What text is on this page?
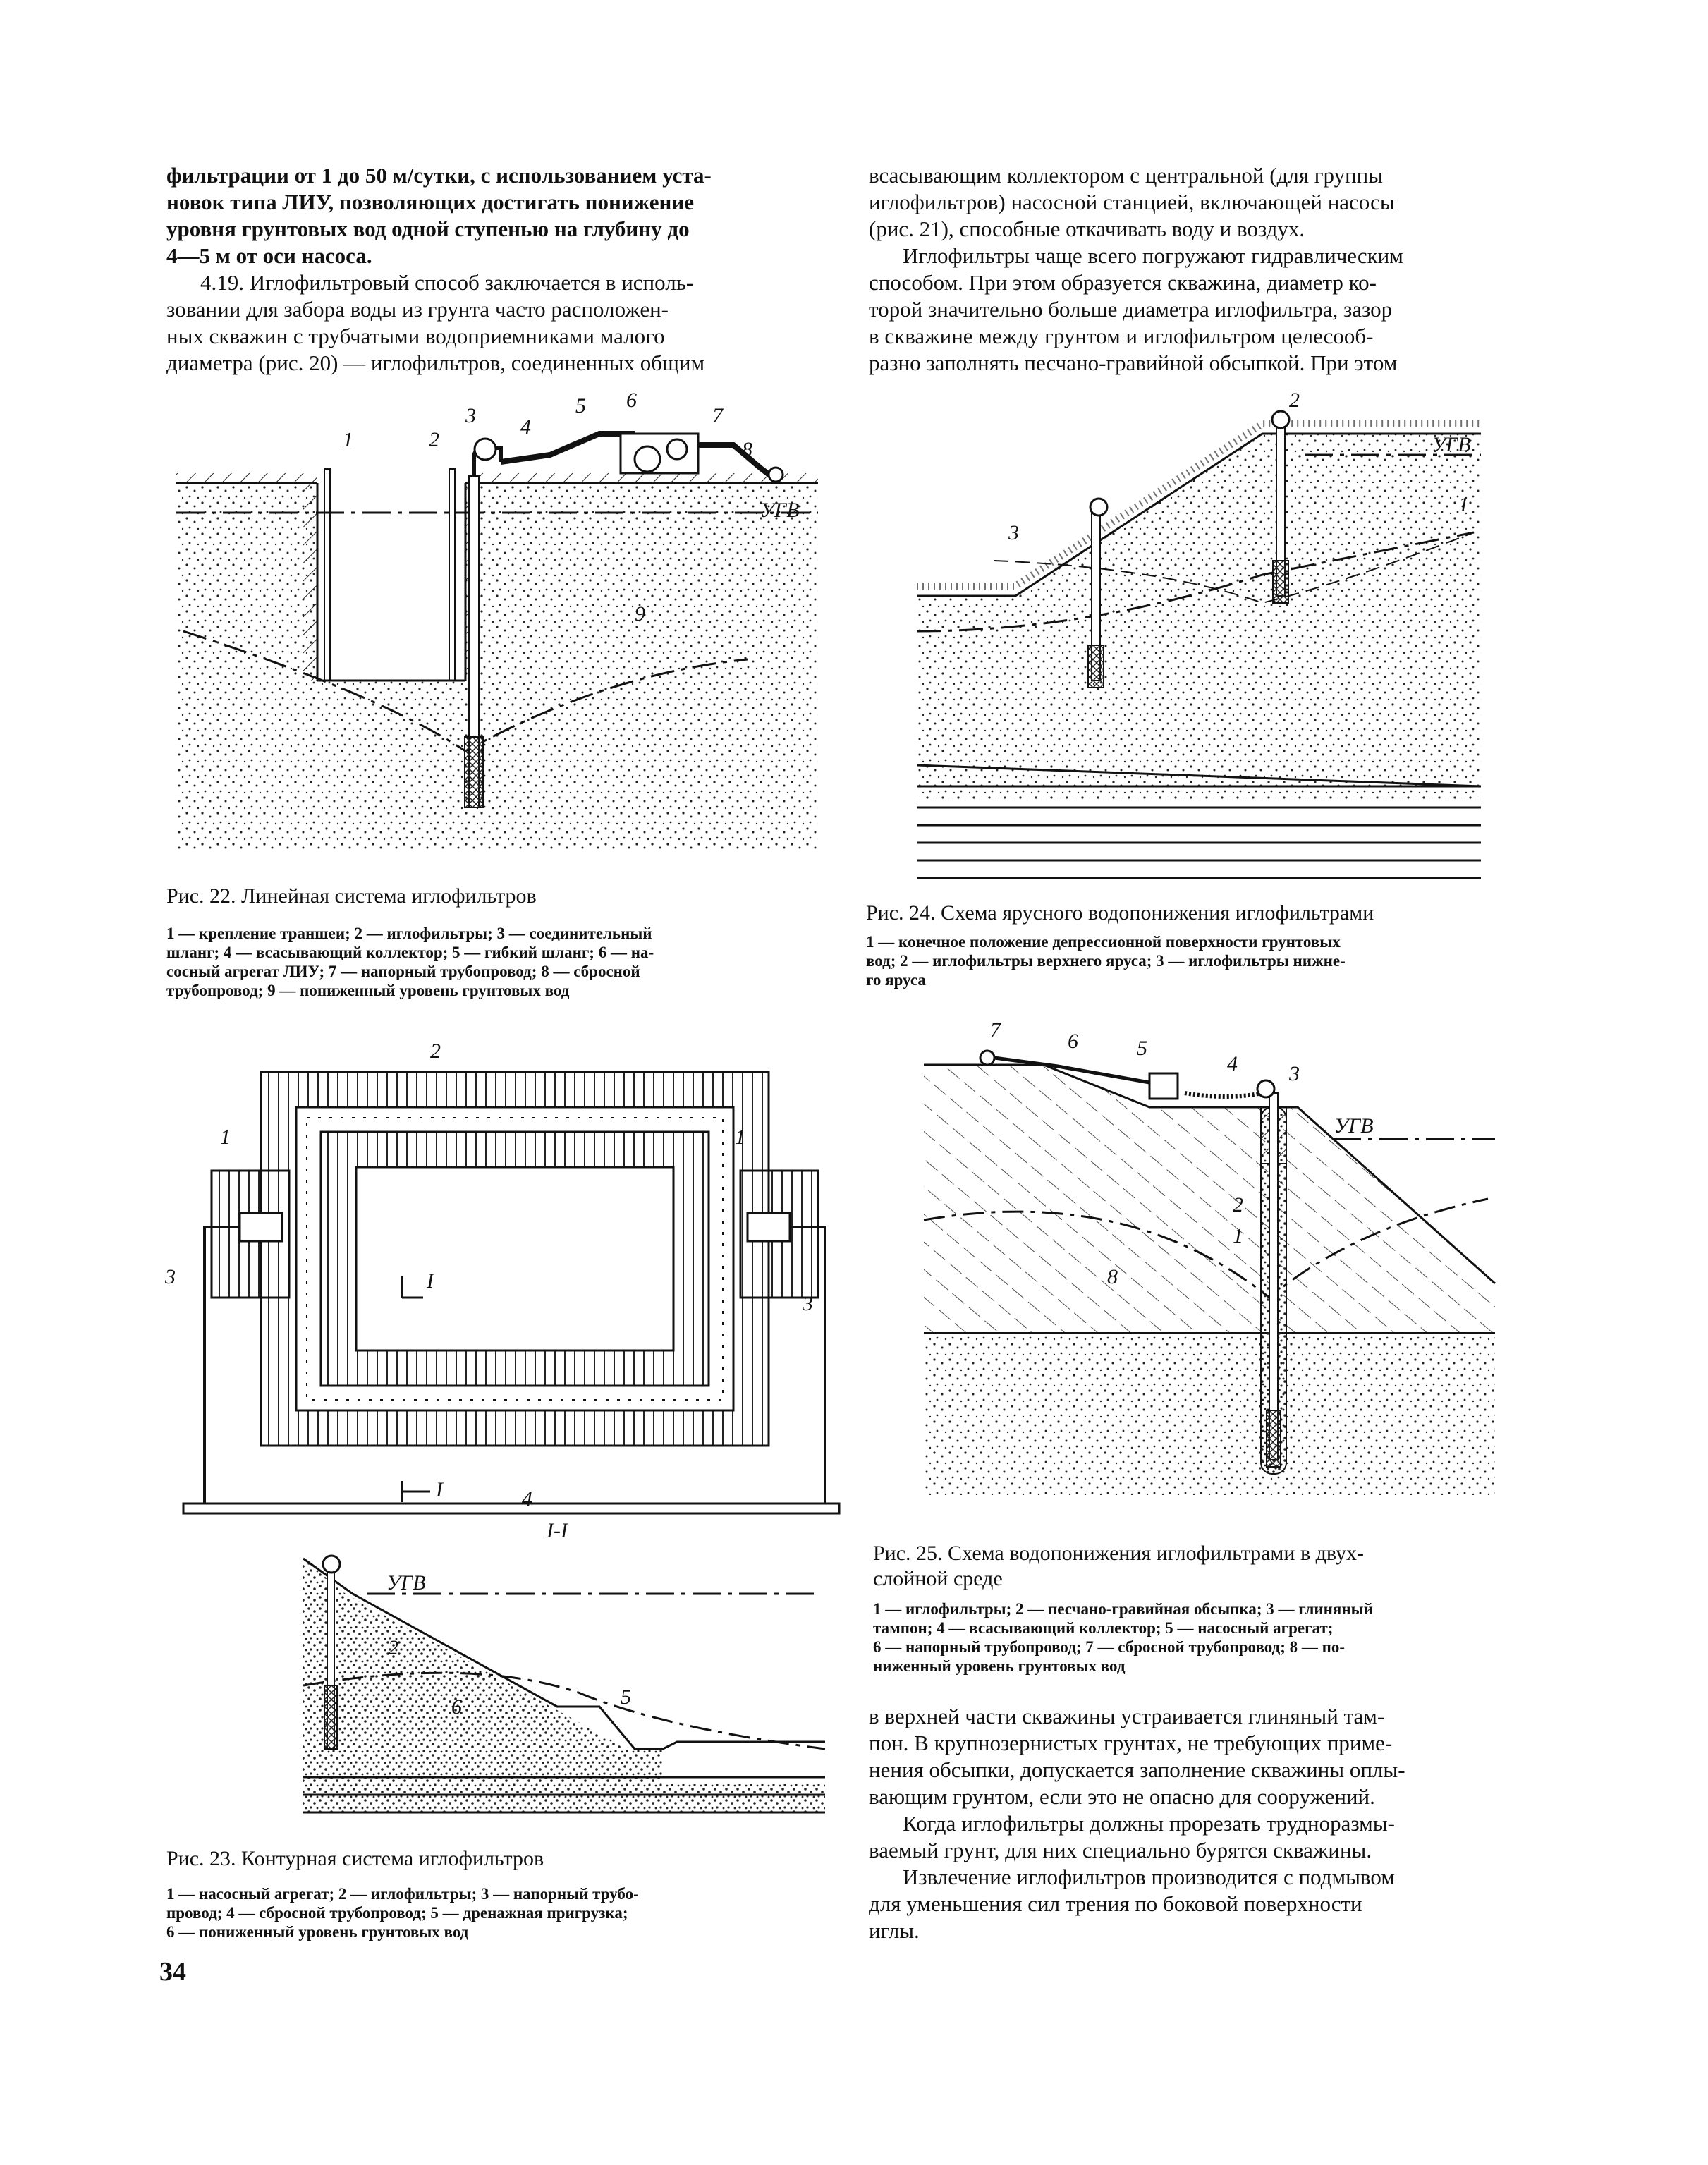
фильтрации от 1 до 50 м/сутки, с использованием уста-
новок типа ЛИУ, позволяющих достигать понижение
уровня грунтовых вод одной ступенью на глубину до
4—5 м от оси насоса.

4.19. Иглофильтровый способ заключается в исполь-
зовании для забора воды из грунта часто расположен-
ных скважин с трубчатыми водоприемниками малого
диаметра (рис. 20) — иглофильтров, соединенных общим

всасывающим коллектором с центральной (для группы
иглофильтров) насосной станцией, включающей насосы
(рис. 21), способные откачивать воду и воздух.

Иглофильтры чаще всего погружают гидравлическим
способом. При этом образуется скважина, диаметр ко-
торой значительно больше диаметра иглофильтра, зазор
в скважине между грунтом и иглофильтром целесооб-
разно заполнять песчано-гравийной обсыпкой. При этом

1	2
3 4
5 6
7
8
9
УГВ
Рис. 22. Линейная система иглофильтров
1 — крепление траншеи; 2 — иглофильтры; 3 — соединительный
шланг; 4 — всасывающий коллектор; 5 — гибкий шланг; 6 — на-
сосный агрегат ЛИУ; 7 — напорный трубопровод; 8 — сбросной
трубопровод; 9 — пониженный уровень грунтовых вод
1
2
3
УГВ
Рис. 24. Схема ярусного водопонижения иглофильтрами
1 — конечное положение депрессионной поверхности грунтовых
вод; 2 — иглофильтры верхнего яруса; 3 — иглофильтры нижне-
го яруса
I
I
1	1
2
3
3
4
I-I
УГВ
2
5
6
Рис. 23. Контурная система иглофильтров
1 — насосный агрегат; 2 — иглофильтры; 3 — напорный трубо-
провод; 4 — сбросной трубопровод; 5 — дренажная пригрузка;
6 — пониженный уровень грунтовых вод
1
2
3
4
5
6
7
8
УГВ
Рис. 25. Схема водопонижения иглофильтрами в двух-
слойной среде
1 — иглофильтры; 2 — песчано-гравийная обсыпка; 3 — глиняный
тампон; 4 — всасывающий коллектор; 5 — насосный агрегат;
6 — напорный трубопровод; 7 — сбросной трубопровод; 8 — по-
ниженный уровень грунтовых вод

в верхней части скважины устраивается глиняный там-
пон. В крупнозернистых грунтах, не требующих приме-
нения обсыпки, допускается заполнение скважины оплы-
вающим грунтом, если это не опасно для сооружений.

Когда иглофильтры должны прорезать трудноразмы-
ваемый грунт, для них специально бурятся скважины.

Извлечение иглофильтров производится с подмывом
для уменьшения сил трения по боковой поверхности
иглы.

34
